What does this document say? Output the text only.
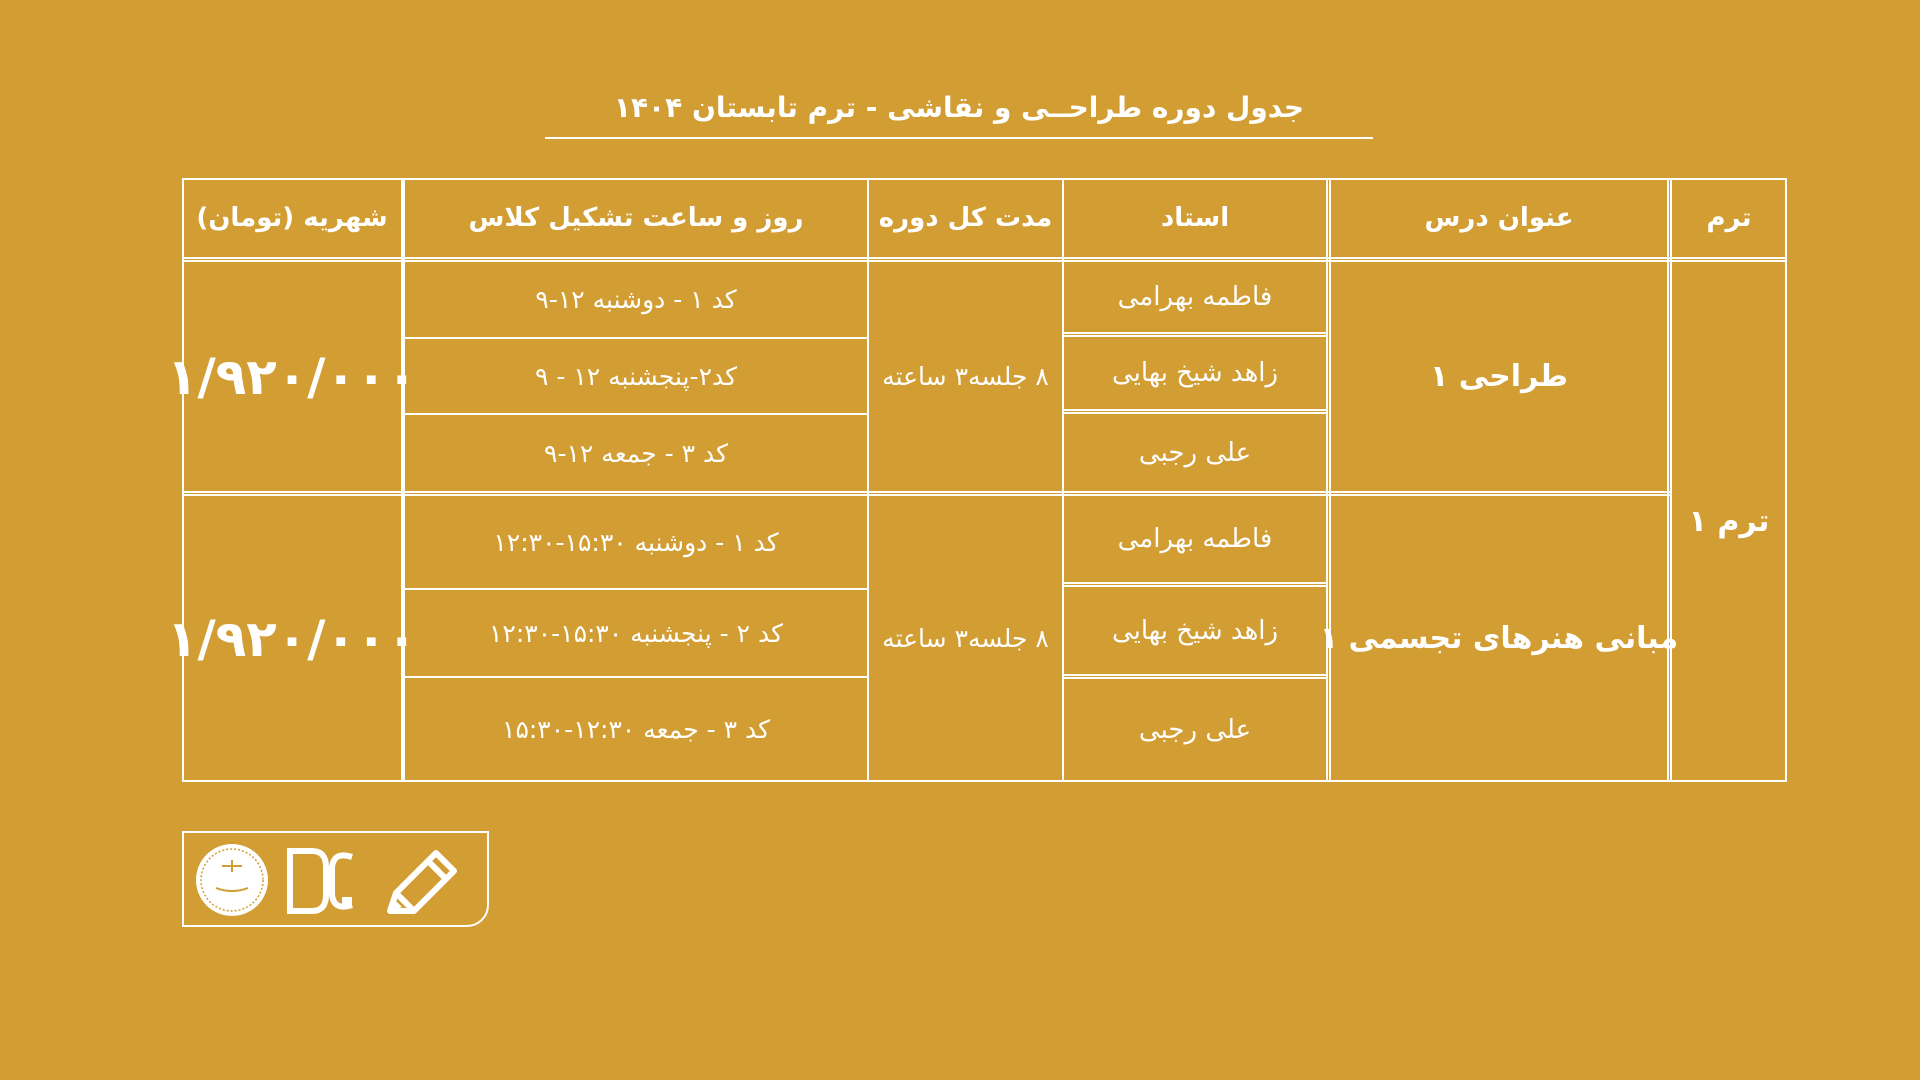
جدول دوره طراحــی و نقاشی - ترم تابستان ۱۴۰۴
ترم
عنوان درس
استاد
مدت کل دوره
روز و ساعت تشکیل کلاس
شهریه (تومان)
ترم ۱
طراحی ۱
فاطمه بهرامی
زاهد شیخ بهایی
علی رجبی
۸ جلسه۳ ساعته
کد ۱ - دوشنبه ۱۲-۹
کد۲-پنجشنبه ۱۲ - ۹
کد ۳ - جمعه ۱۲-۹
۱/۹۲۰/۰۰۰
مبانی هنرهای تجسمی ۱
فاطمه بهرامی
زاهد شیخ بهایی
علی رجبی
۸ جلسه۳ ساعته
کد ۱ - دوشنبه ۱۵:۳۰-۱۲:۳۰
کد ۲ - پنجشنبه ۱۵:۳۰-۱۲:۳۰
کد ۳ - جمعه ۱۲:۳۰-۱۵:۳۰
۱/۹۲۰/۰۰۰
